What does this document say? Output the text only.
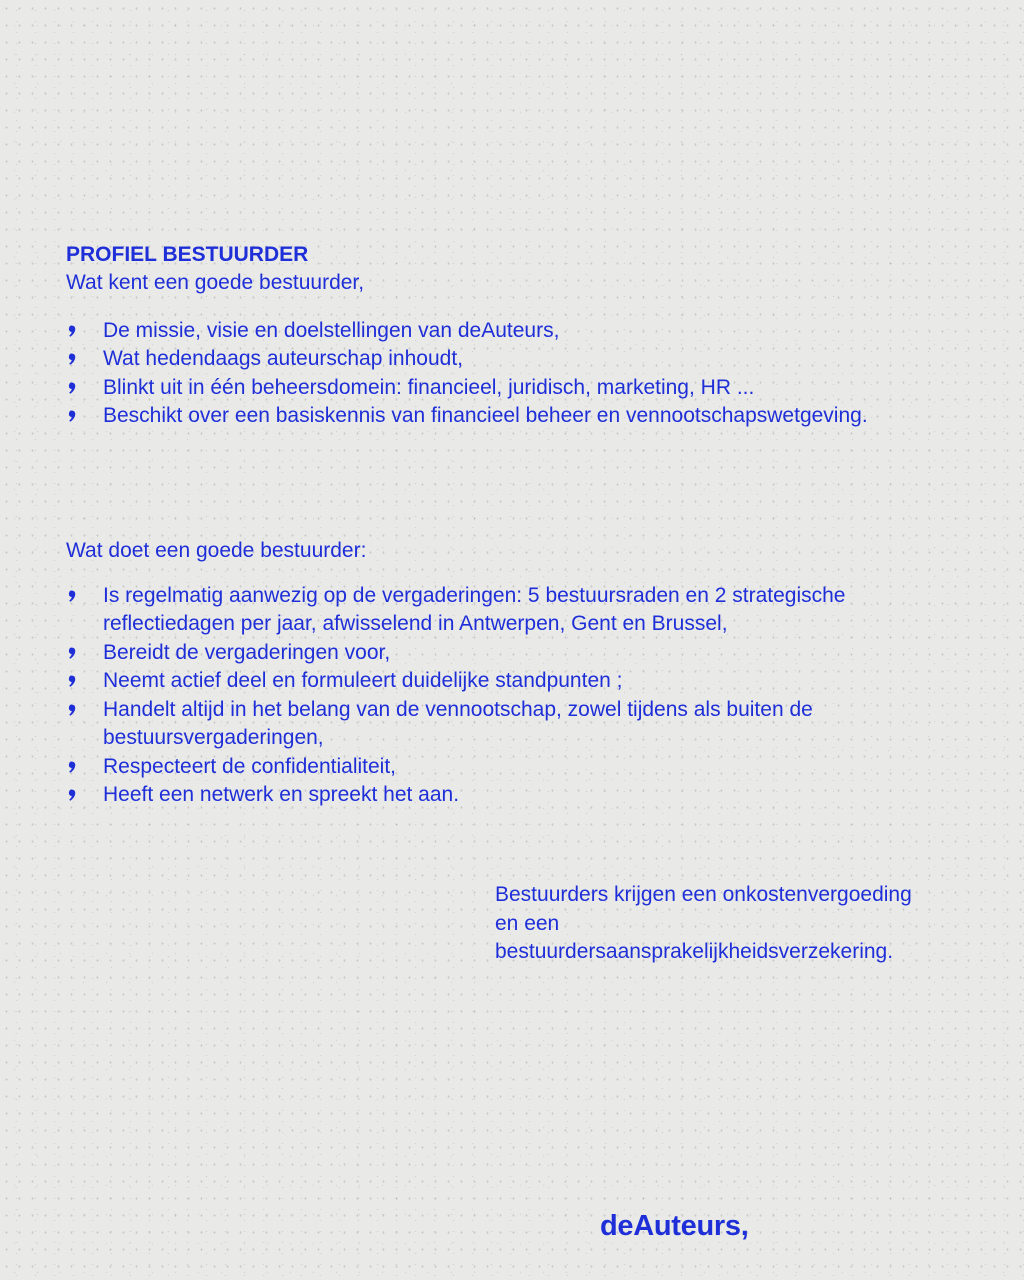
PROFIEL BESTUURDER

Wat kent een goede bestuurder,

De missie, visie en doelstellingen van deAuteurs,
Wat hedendaags auteurschap inhoudt,
Blinkt uit in één beheersdomein: financieel, juridisch, marketing, HR ...
Beschikt over een basiskennis van financieel beheer en vennootschapswetgeving.

Wat doet een goede bestuurder:

Is regelmatig aanwezig op de vergaderingen: 5 bestuursraden en 2 strategische reflectiedagen per jaar, afwisselend in Antwerpen, Gent en Brussel,
Bereidt de vergaderingen voor,
Neemt actief deel en formuleert duidelijke standpunten ;
Handelt altijd in het belang van de vennootschap, zowel tijdens als buiten de bestuursvergaderingen,
Respecteert de confidentialiteit,
Heeft een netwerk en spreekt het aan.
Bestuurders krijgen een onkostenvergoeding
en een
bestuurdersaansprakelijkheidsverzekering.
deAuteurs,
